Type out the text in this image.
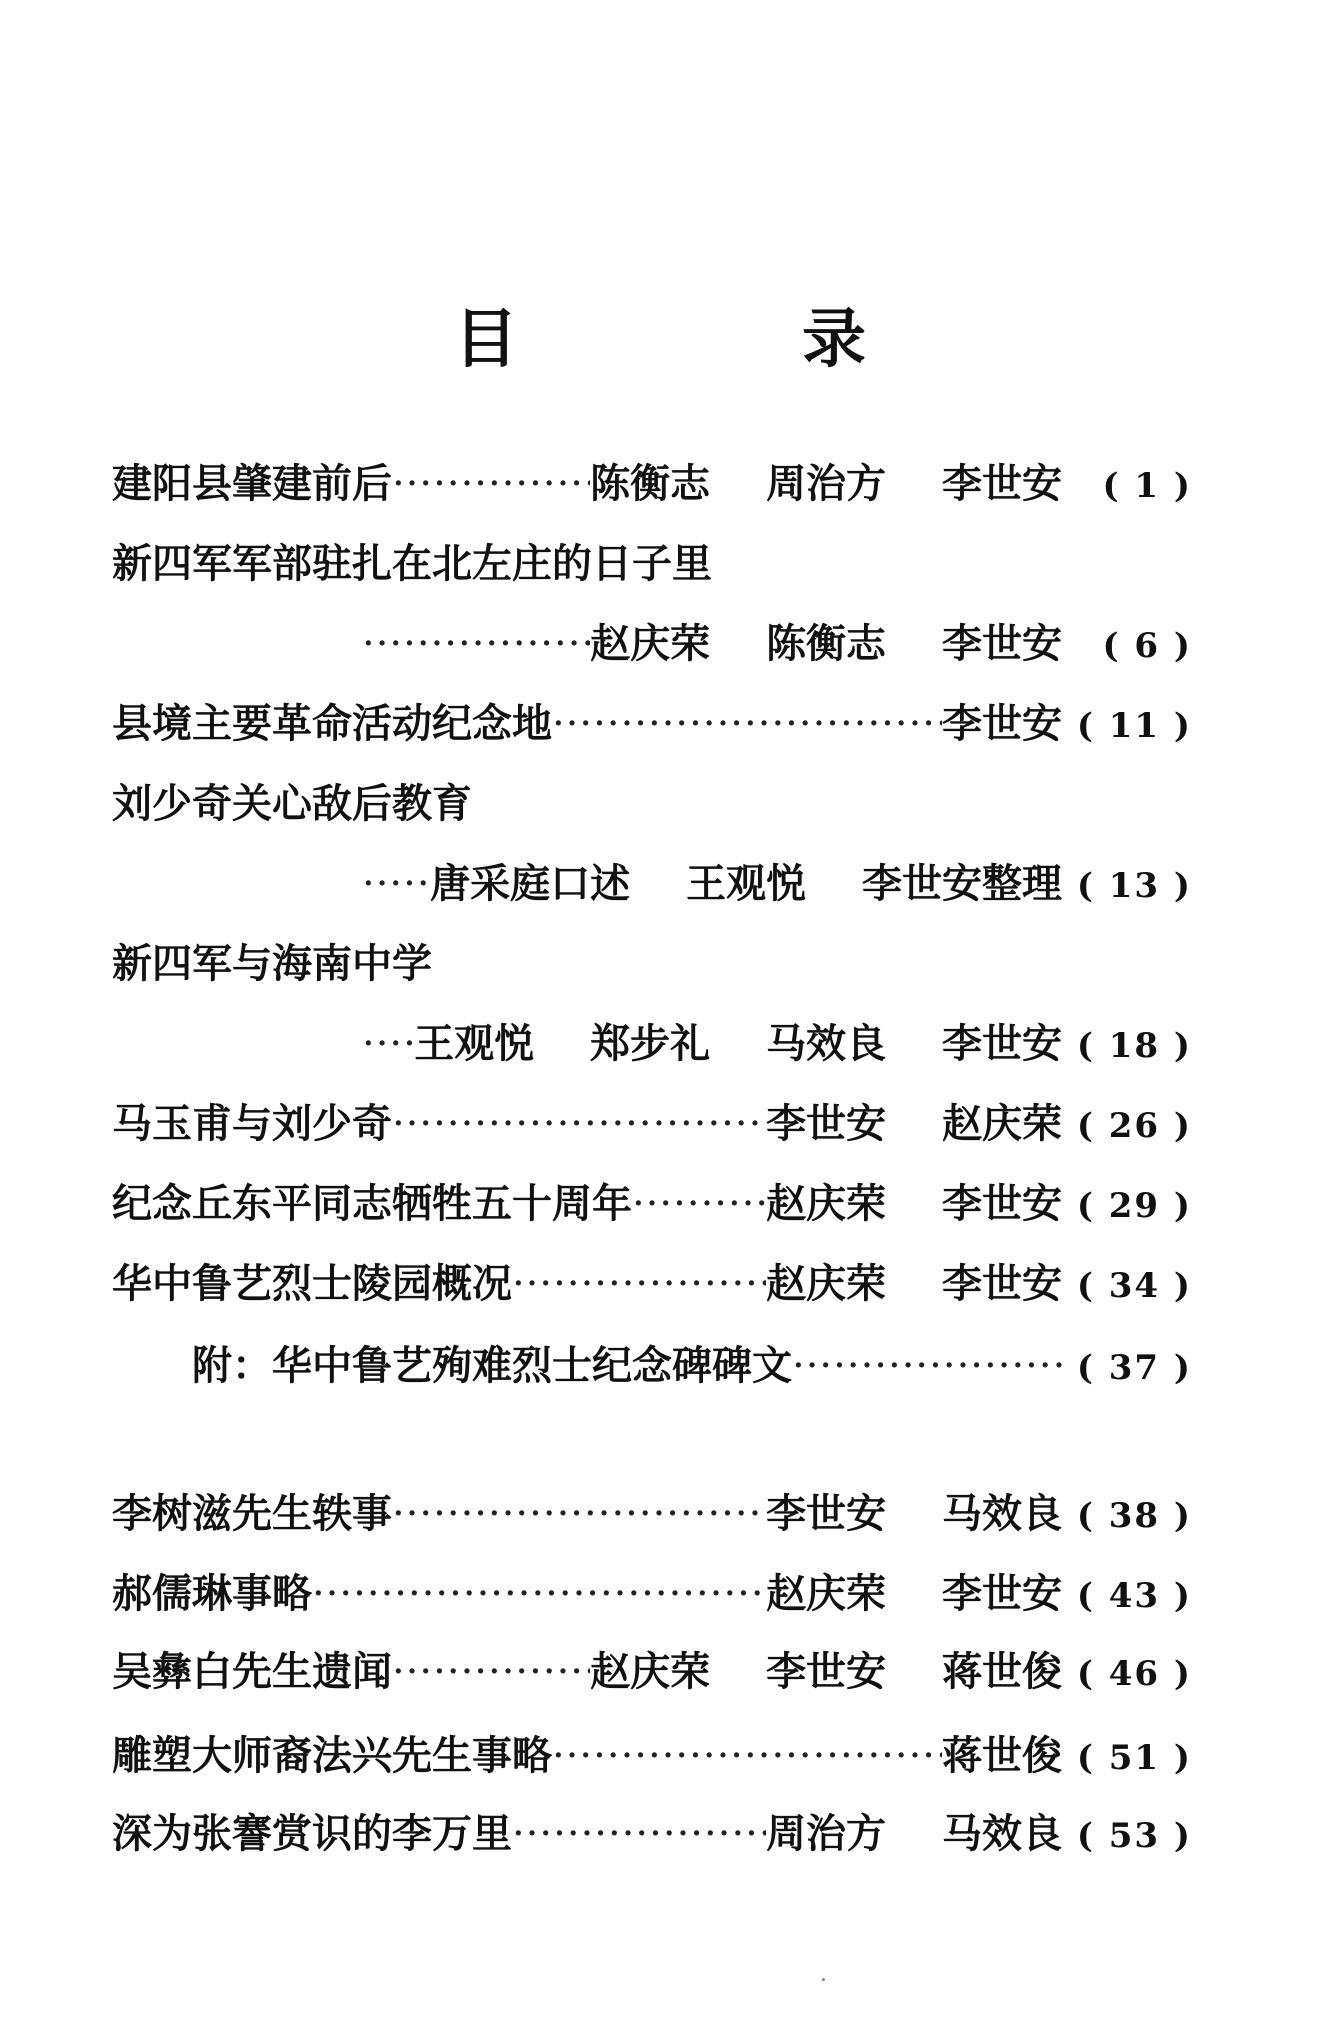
目　录
建阳县肇建前后 ·····	陈衡志 周治方 李世安	( 1 )
新四军军部驻扎在北左庄的日子里
·····
赵庆荣 陈衡志 李世安	( 6 )
县境主要革命活动纪念地 ·····	李世安 ( 11 )
刘少奇关心敌后教育
·····
唐采庭口述 王观悦 李世安整理 ( 13 )
新四军与海南中学
·····
王观悦 郑步礼 马效良 李世安 ( 18 )
马玉甫与刘少奇 ·····	李世安 赵庆荣 ( 26 )
纪念丘东平同志牺牲五十周年 ·····	赵庆荣 李世安 ( 29 )
华中鲁艺烈士陵园概况 ·····	赵庆荣 李世安 ( 34 )
附：华中鲁艺殉难烈士纪念碑碑文 ·····	( 37 )
李树滋先生轶事 ·····	李世安 马效良 ( 38 )
郝儒琳事略 ·····	赵庆荣 李世安 ( 43 )
吴彝白先生遗闻 ·····	赵庆荣 李世安 蒋世俊 ( 46 )
雕塑大师裔法兴先生事略 ·····	蒋世俊 ( 51 )
深为张謇赏识的李万里 ·····	周治方 马效良 ( 53 )
